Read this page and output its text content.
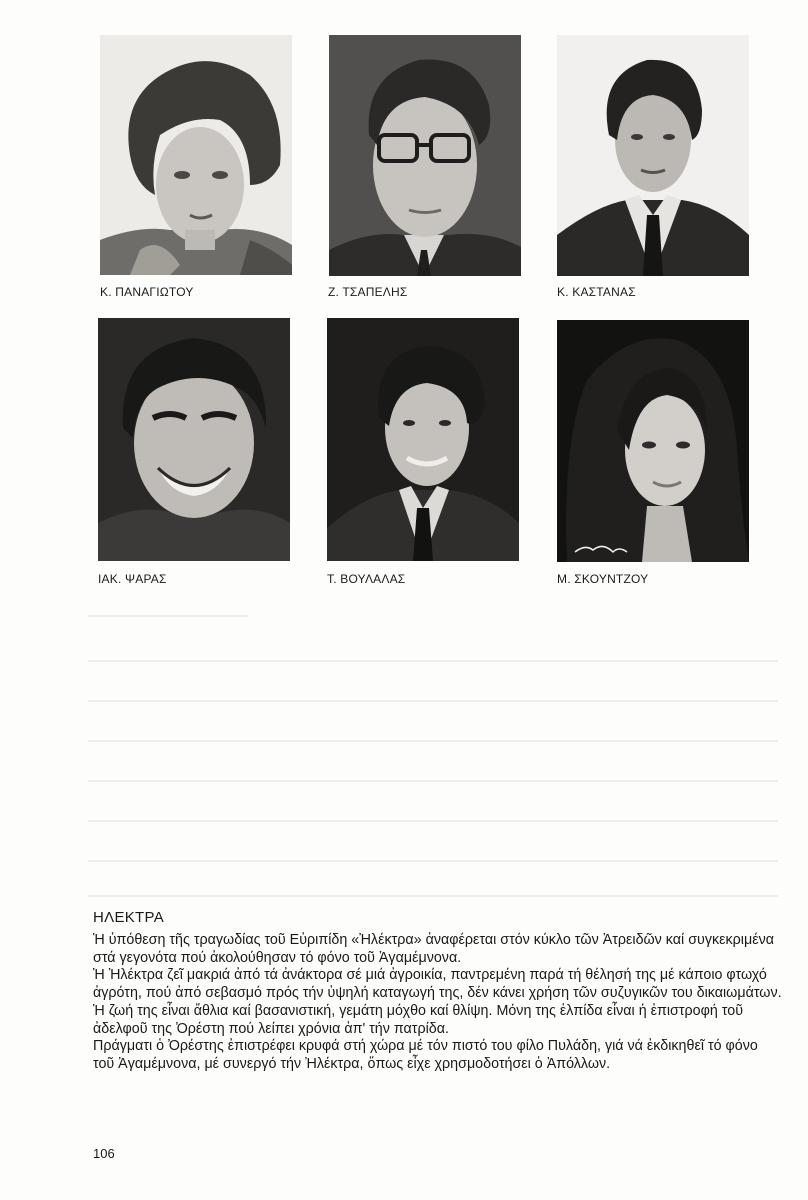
Κ. ΠΑΝΑΓΙΩΤΟΥ	Ζ. ΤΣΑΠΕΛΗΣ	Κ. ΚΑΣΤΑΝΑΣ
ΙΑΚ. ΨΑΡΑΣ	Τ. ΒΟΥΛΑΛΑΣ	Μ. ΣΚΟΥΝΤΖΟΥ
ΗΛΕΚΤΡΑ

Ἡ ὑπόθεση τῆς τραγωδίας τοῦ Εὐριπίδη «Ἠλέκτρα» ἀναφέρεται στόν κύκλο τῶν Ἀτρειδῶν καί συγκεκριμένα στά γεγονότα πού ἀκολούθησαν τό φόνο τοῦ Ἀγαμέμνονα.

Ἡ Ἠλέκτρα ζεῖ μακριά ἀπό τά ἀνάκτορα σέ μιά ἀγροικία, παντρεμένη παρά τή θέλησή της μέ κάποιο φτωχό ἀγρότη, πού ἀπό σεβασμό πρός τήν ὑψηλή καταγωγή της, δέν κάνει χρήση τῶν συζυγικῶν του δικαιωμάτων. Ἡ ζωή της εἶναι ἄθλια καί βασανιστική, γεμάτη μόχθο καί θλίψη. Μόνη της ἐλπίδα εἶναι ἡ ἐπιστροφή τοῦ ἀδελφοῦ της Ὀρέστη πού λείπει χρόνια ἀπ' τήν πατρίδα.

Πράγματι ὁ Ὀρέστης ἐπιστρέφει κρυφά στή χώρα μέ τόν πιστό του φίλο Πυλάδη, γιά νά ἐκδικηθεῖ τό φόνο τοῦ Ἀγαμέμνονα, μέ συνεργό τήν Ἠλέκτρα, ὅπως εἶχε χρησμοδοτήσει ὁ Ἀπόλλων.

106
